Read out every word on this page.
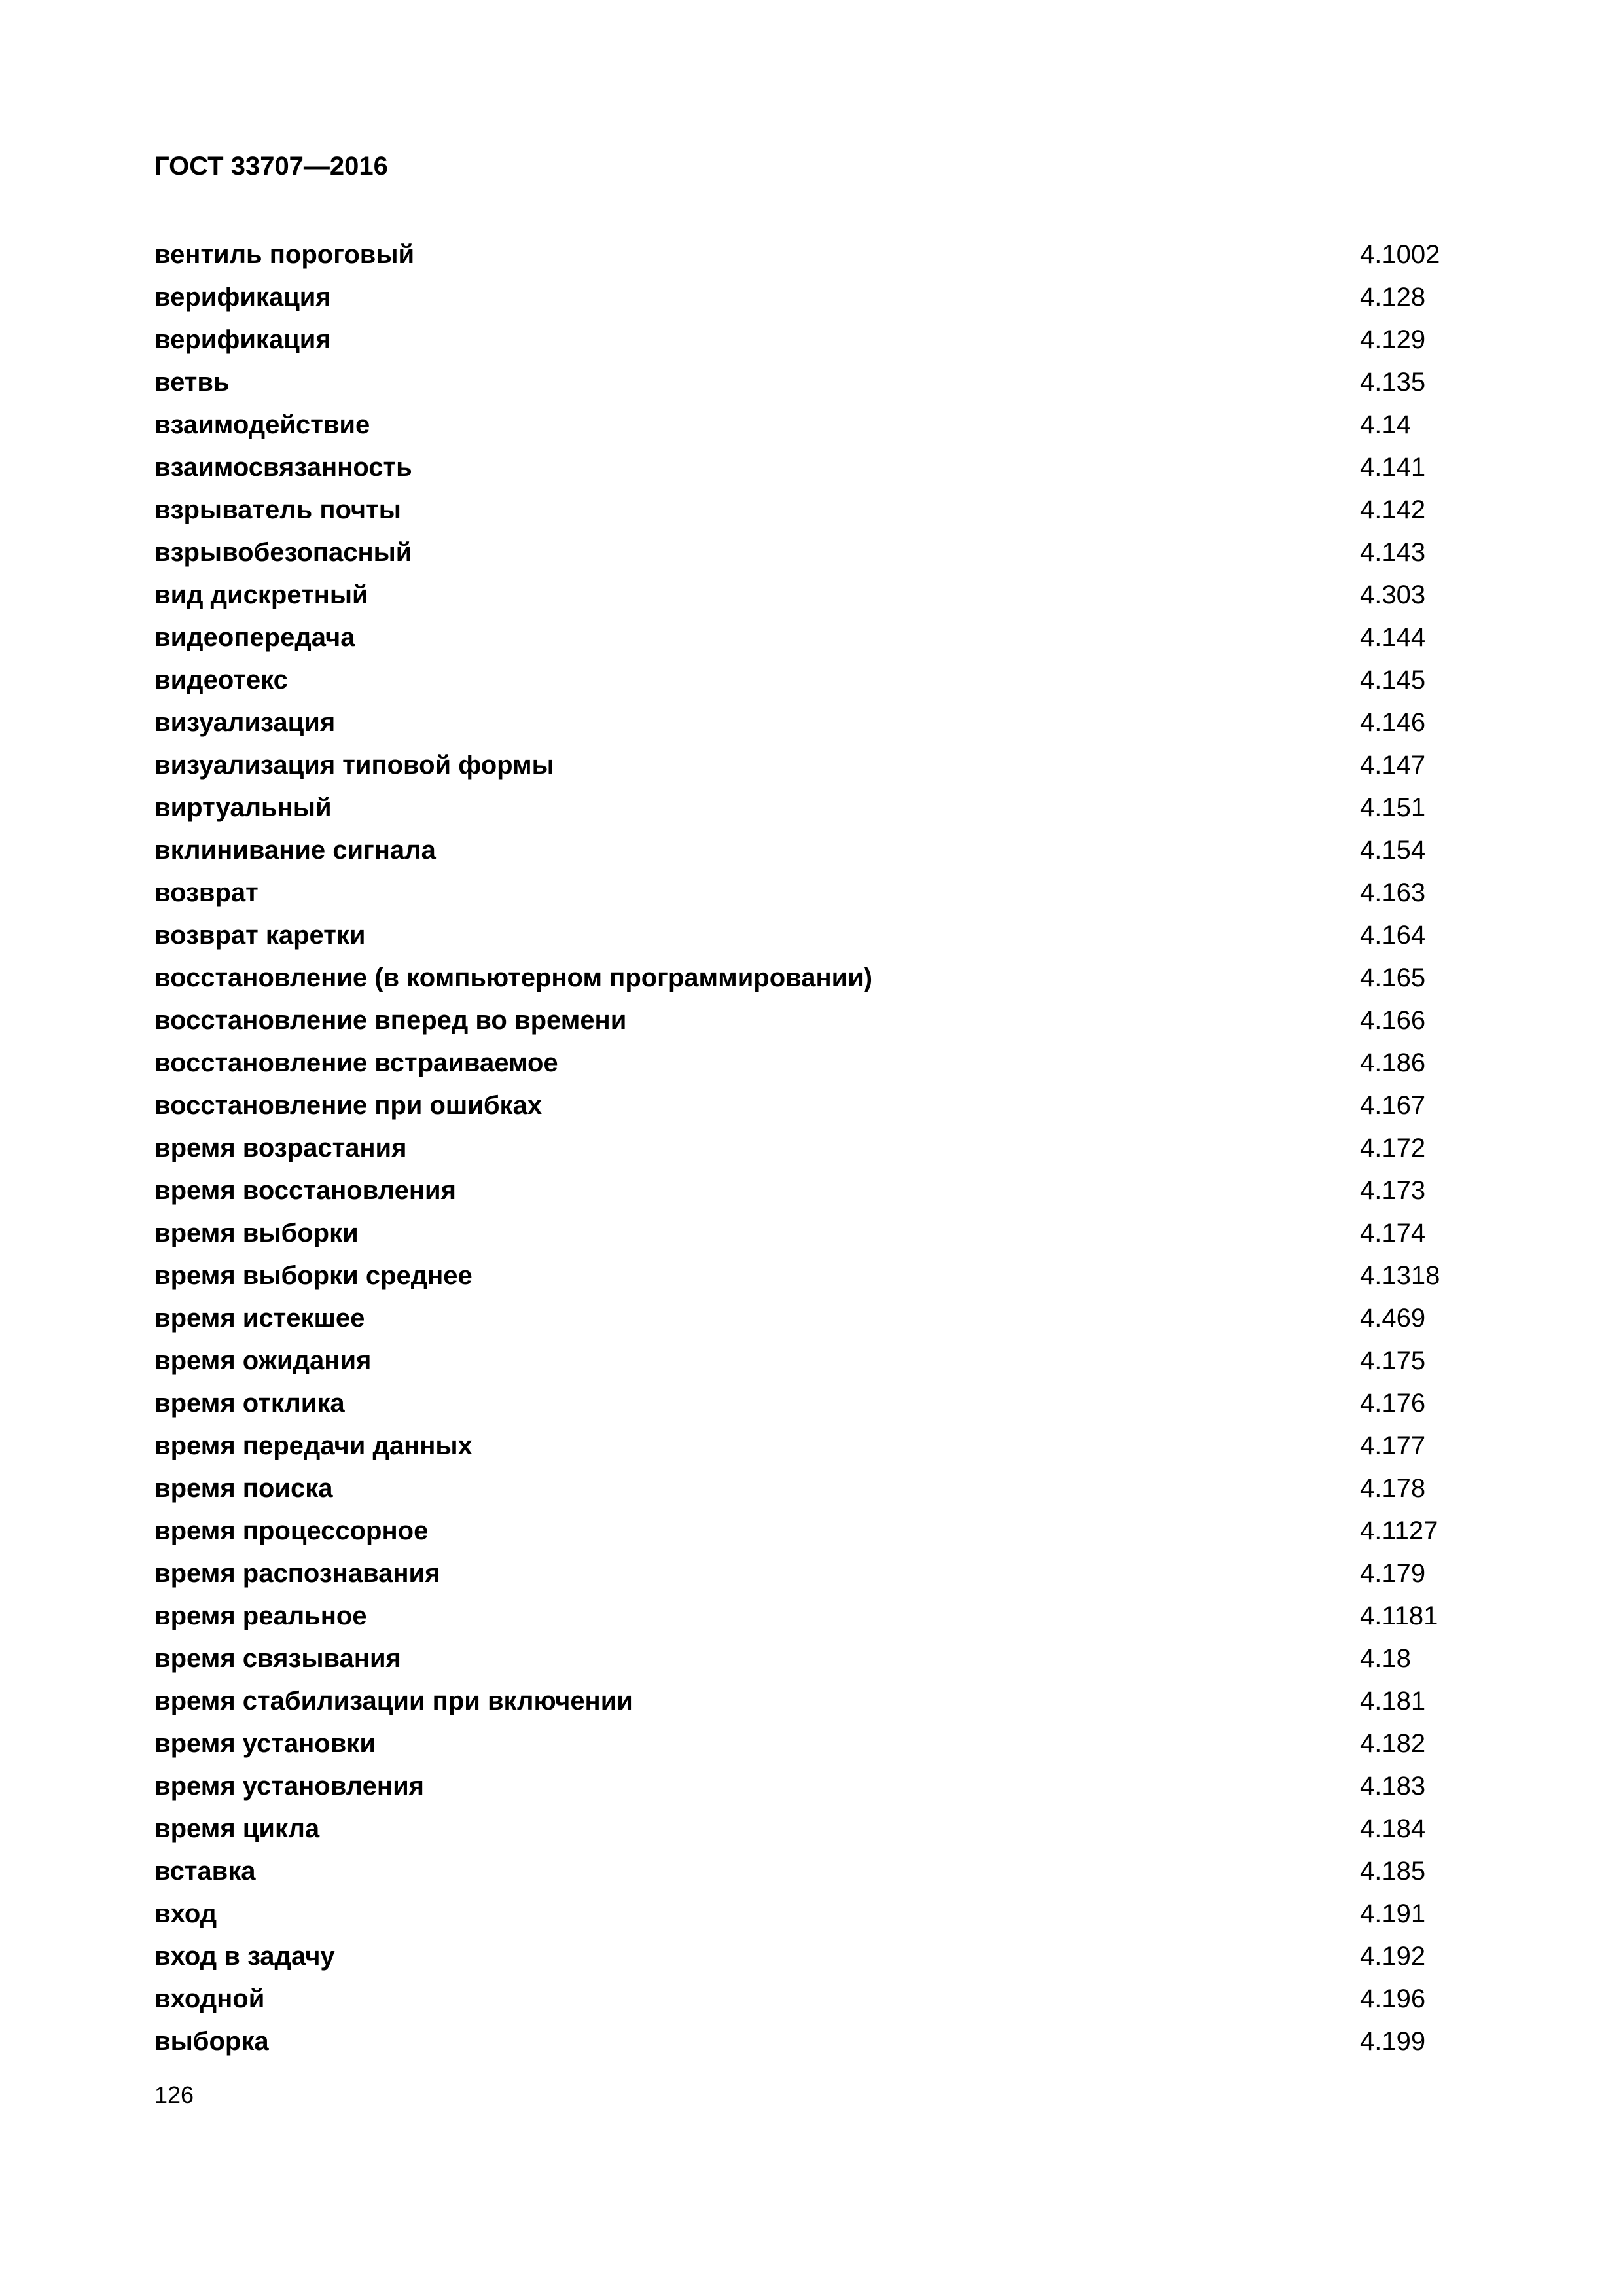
ГОСТ 33707—2016
вентиль пороговый	4.1002
верификация	4.128
верификация	4.129
ветвь	4.135
взаимодействие	4.14
взаимосвязанность	4.141
взрыватель почты	4.142
взрывобезопасный	4.143
вид дискретный	4.303
видеопередача	4.144
видеотекс	4.145
визуализация	4.146
визуализация типовой формы	4.147
виртуальный	4.151
вклинивание сигнала	4.154
возврат	4.163
возврат каретки	4.164
восстановление (в компьютерном программировании)	4.165
восстановление вперед во времени	4.166
восстановление встраиваемое	4.186
восстановление при ошибках	4.167
время возрастания	4.172
время восстановления	4.173
время выборки	4.174
время выборки среднее	4.1318
время истекшее	4.469
время ожидания	4.175
время отклика	4.176
время передачи данных	4.177
время поиска	4.178
время процессорное	4.1127
время распознавания	4.179
время реальное	4.1181
время связывания	4.18
время стабилизации при включении	4.181
время установки	4.182
время установления	4.183
время цикла	4.184
вставка	4.185
вход	4.191
вход в задачу	4.192
входной	4.196
выборка	4.199
126
